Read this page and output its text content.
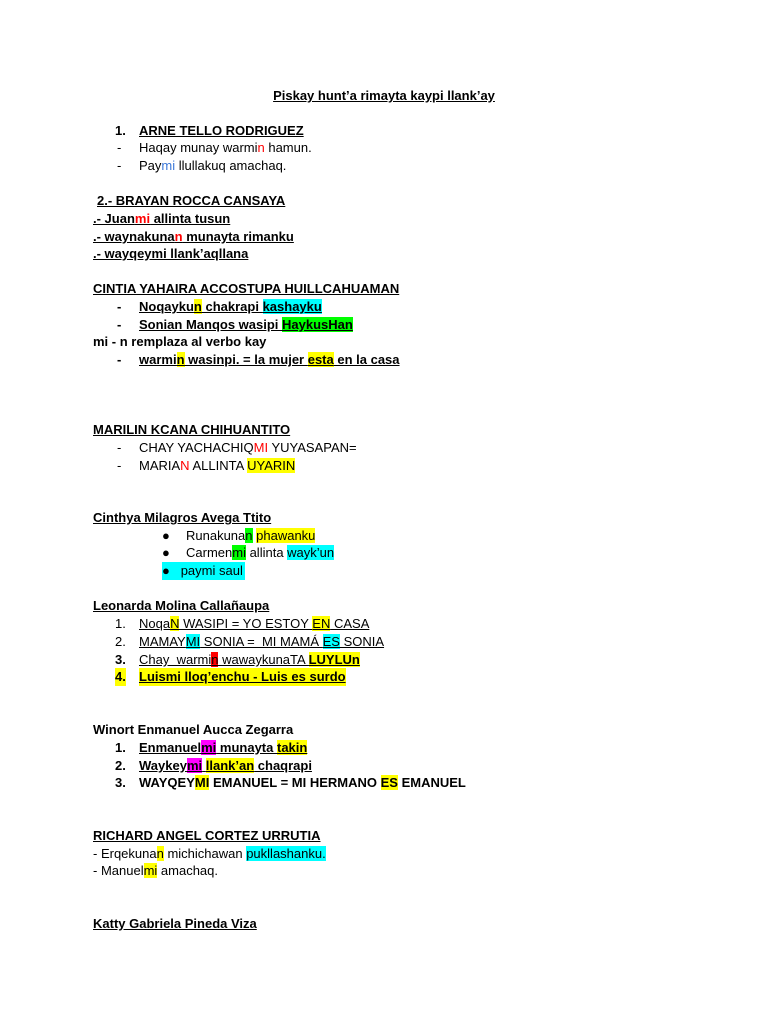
Piskay hunt’a rimayta kaypi llank’ay
1. ARNE TELLO RODRIGUEZ
- Haqay munay warmin hamun.
- Paymi llullakuq amachaq.
2.- BRAYAN ROCCA CANSAYA
.- Juanmi allinta tusun
.- waynakunan munayta rimanku
.- wayqeymi llank’aqllana
CINTIA YAHAIRA ACCOSTUPA HUILLCAHUAMAN
- Noqaykun chakrapi kashayku
- Sonian Manqos wasipi HaykusHan
mi - n remplaza al verbo kay
- warmin wasinpi. = la mujer esta en la casa
MARILIN KCANA CHIHUANTITO
- CHAY YACHACHIQMI YUYASAPAN=
- MARIAN ALLINTA UYARIN
Cinthya Milagros Avega Ttito
● Runakunan phawanku
● Carmenmi allinta wayk’un
● paymi saul
Leonarda Molina Callañaupa
1. NoqaN WASIPI = YO ESTOY EN CASA
2. MAMAYMI SONIA =  MI MAMÁ ES SONIA
3. Chay  warmin wawaykunaTA LUYLUn
4. Luismi lloq’enchu - Luis es surdo
Winort Enmanuel Aucca Zegarra
1. Enmanuelmi munayta takin
2. Waykeymi llank’an chaqrapi
3. WAYQEYMI EMANUEL = MI HERMANO ES EMANUEL
RICHARD ANGEL CORTEZ URRUTIA
- Erqekunan michichawan pukllashanku.
- Manuelmi amachaq.
Katty Gabriela Pineda Viza
